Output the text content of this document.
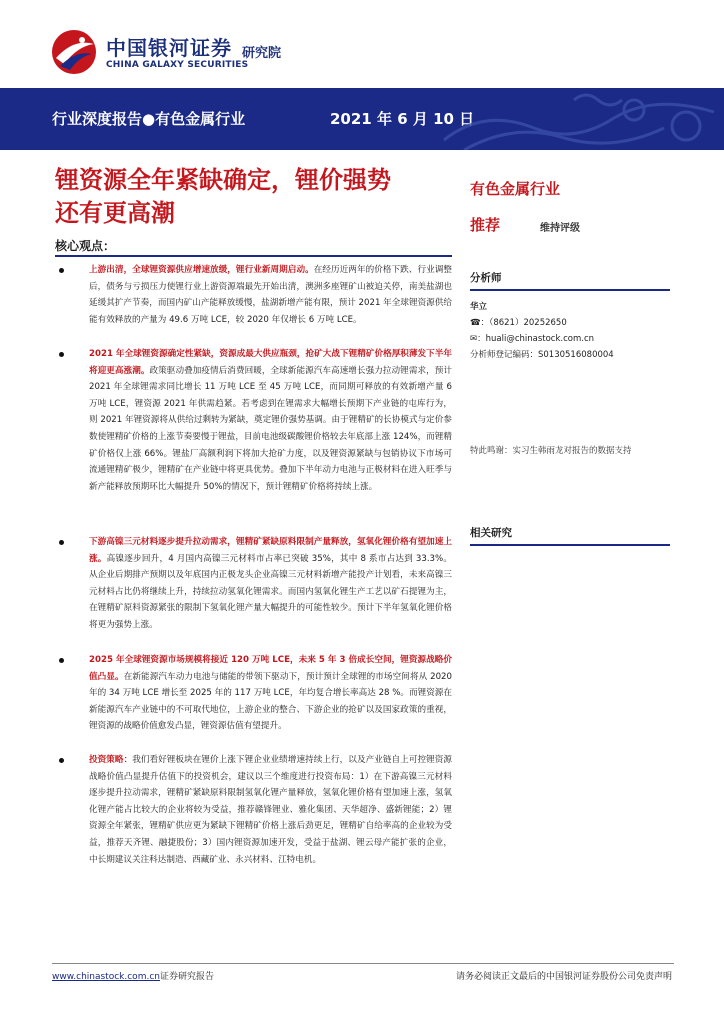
中国银河证券
CHINA GALAXY SECURITIES
研究院
行业深度报告●有色金属行业	2021 年 6 月 10 日
锂资源全年紧缺确定，锂价强势
还有更高潮
有色金属行业
推荐	维持评级
核心观点：
上游出清，全球锂资源供应增速放缓，锂行业新周期启动。在经历近两年的价格下跌、行业调整后，债务与亏损压力使锂行业上游资源端最先开始出清，澳洲多座锂矿山被迫关停，南美盐湖也延缓其扩产节奏，而国内矿山产能释放缓慢，盐湖新增产能有限，预计 2021 年全球锂资源供给能有效释放的产量为 49.6 万吨 LCE，较 2020 年仅增长 6 万吨 LCE。
2021 年全球锂资源确定性紧缺，资源成最大供应瓶颈，抢矿大战下锂精矿价格厚积薄发下半年将迎更高涨潮。政策驱动叠加疫情后消费回暖，全球新能源汽车高速增长强力拉动锂需求，预计 2021 年全球锂需求同比增长 11 万吨 LCE 至 45 万吨 LCE，而同期可释放的有效新增产量 6 万吨 LCE，锂资源 2021 年供需趋紧。若考虑到在锂需求大幅增长预期下产业链的屯库行为，则 2021 年锂资源将从供给过剩转为紧缺，奠定锂价强势基调。由于锂精矿的长协模式与定价参数使锂精矿价格的上涨节奏要慢于锂盐，目前电池级碳酸锂价格较去年底部上涨 124%，而锂精矿价格仅上涨 66%。锂盐厂高额利润下将加大抢矿力度，以及锂资源紧缺与包销协议下市场可流通锂精矿极少，锂精矿在产业链中将更具优势。叠加下半年动力电池与正极材料在进入旺季与新产能释放预期环比大幅提升 50%的情况下，预计锂精矿价格将持续上涨。
下游高镍三元材料逐步提升拉动需求，锂精矿紧缺原料限制产量释放，氢氧化锂价格有望加速上涨。高镍逐步回升，4 月国内高镍三元材料市占率已突破 35%，其中 8 系市占达到 33.3%。从企业后期排产预期以及年底国内正极龙头企业高镍三元材料新增产能投产计划看，未来高镍三元材料占比仍将继续上升，持续拉动氢氧化锂需求。而国内氢氧化锂生产工艺以矿石提锂为主，在锂精矿原料资源紧张的限制下氢氧化锂产量大幅提升的可能性较少。预计下半年氢氧化锂价格将更为强势上涨。
2025 年全球锂资源市场规模将接近 120 万吨 LCE，未来 5 年 3 倍成长空间，锂资源战略价值凸显。在新能源汽车动力电池与储能的带领下驱动下，预计预计全球锂的市场空间将从 2020 年的 34 万吨 LCE 增长至 2025 年的 117 万吨 LCE，年均复合增长率高达 28 %。而锂资源在新能源汽车产业链中的不可取代地位，上游企业的整合、下游企业的抢矿以及国家政策的重视，锂资源的战略价值愈发凸显，锂资源估值有望提升。
投资策略：我们看好锂板块在锂价上涨下锂企业业绩增速持续上行，以及产业链自上可控锂资源战略价值凸显提升估值下的投资机会，建议以三个维度进行投资布局：1）在下游高镍三元材料逐步提升拉动需求，锂精矿紧缺原料限制氢氧化锂产量释放，氢氧化锂价格有望加速上涨，氢氧化锂产能占比较大的企业将较为受益，推荐赣锋锂业、雅化集团、天华超净、盛新锂能；2）锂资源全年紧张，锂精矿供应更为紧缺下锂精矿价格上涨后劲更足，锂精矿自给率高的企业较为受益，推荐天齐锂、融捷股份；3）国内锂资源加速开发，受益于盐湖、锂云母产能扩张的企业，中长期建议关注科达制造、西藏矿业、永兴材料、江特电机。
分析师
华立
☎：（8621）20252650
✉：huali@chinastock.com.cn
分析师登记编码：S0130516080004
特此鸣谢：实习生韩雨龙对报告的数据支持
相关研究
www.chinastock.com.cn证券研究报告	请务必阅读正文最后的中国银河证券股份公司免责声明
